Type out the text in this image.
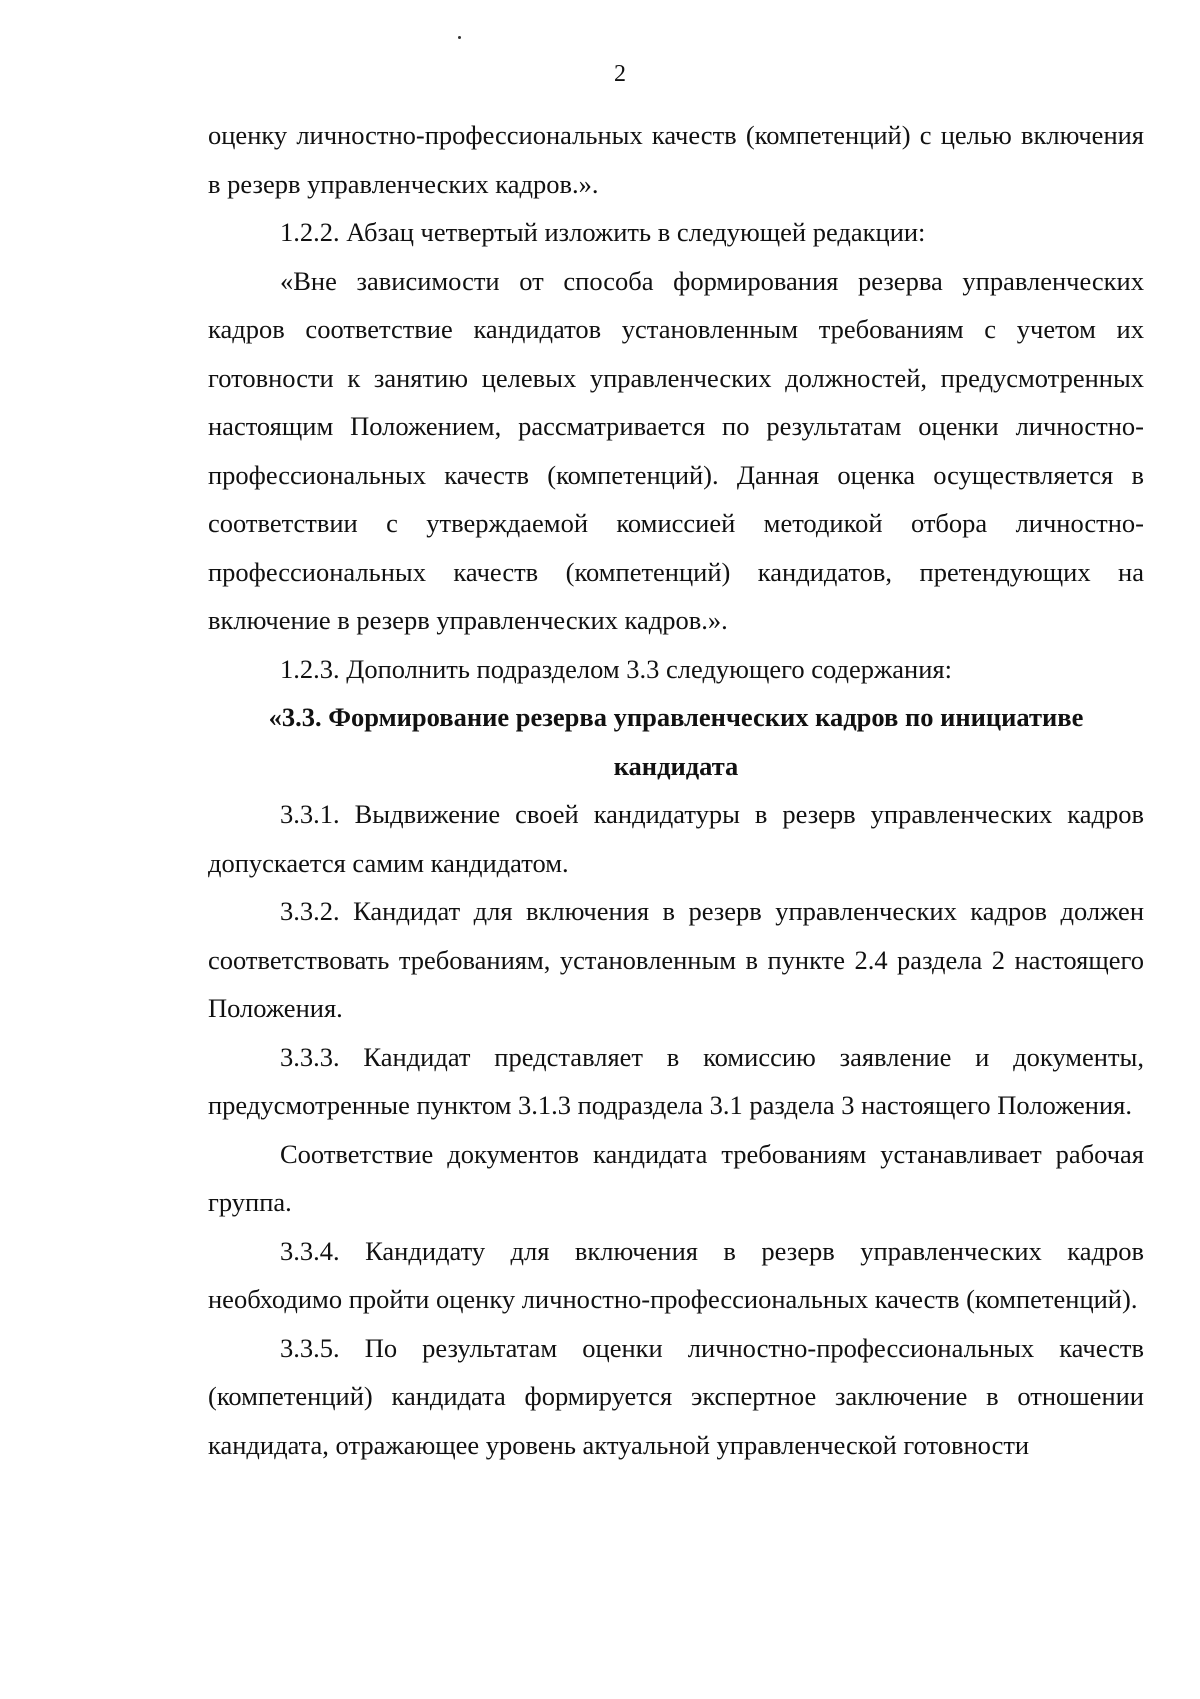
2

оценку личностно-профессиональных качеств (компетенций) с целью включения в резерв управленческих кадров.».

1.2.2. Абзац четвертый изложить в следующей редакции:

«Вне зависимости от способа формирования резерва управленческих кадров соответствие кандидатов установленным требованиям с учетом их готовности к занятию целевых управленческих должностей, предусмотренных настоящим Положением, рассматривается по результатам оценки личностно-профессиональных качеств (компетенций). Данная оценка осуществляется в соответствии с утверждаемой комиссией методикой отбора личностно-профессиональных качеств (компетенций) кандидатов, претендующих на включение в резерв управленческих кадров.».

1.2.3. Дополнить подразделом 3.3 следующего содержания:

«3.3. Формирование резерва управленческих кадров по инициативе
кандидата

3.3.1. Выдвижение своей кандидатуры в резерв управленческих кадров допускается самим кандидатом.

3.3.2. Кандидат для включения в резерв управленческих кадров должен соответствовать требованиям, установленным в пункте 2.4 раздела 2 настоящего Положения.

3.3.3. Кандидат представляет в комиссию заявление и документы, предусмотренные пунктом 3.1.3 подраздела 3.1 раздела 3 настоящего Положения.

Соответствие документов кандидата требованиям устанавливает рабочая группа.

3.3.4. Кандидату для включения в резерв управленческих кадров необходимо пройти оценку личностно-профессиональных качеств (компетенций).

3.3.5. По результатам оценки личностно-профессиональных качеств (компетенций) кандидата формируется экспертное заключение в отношении кандидата, отражающее уровень актуальной управленческой готовности
